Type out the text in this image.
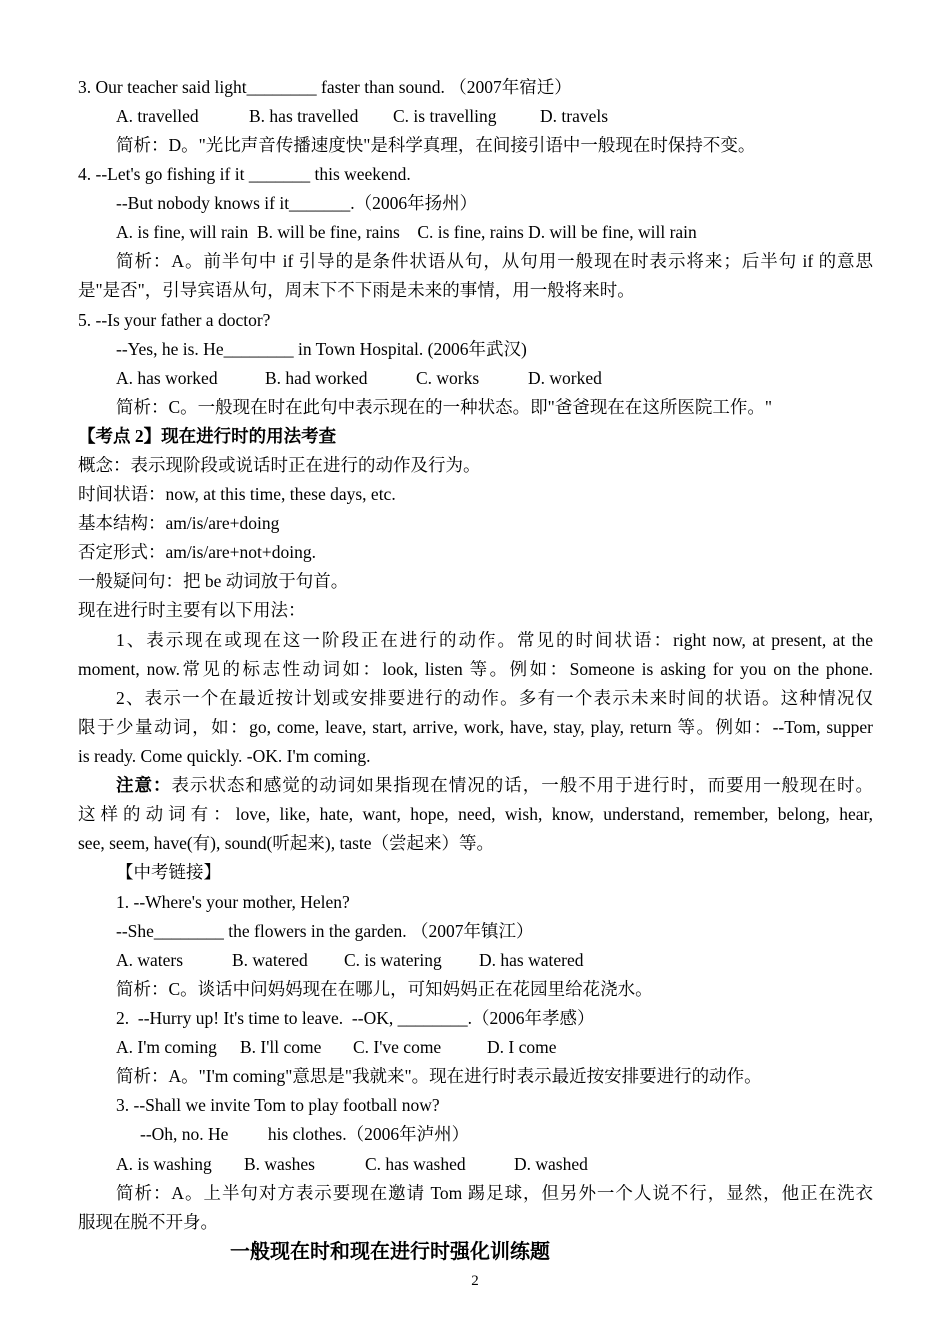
3. Our teacher said light________ faster than sound. （2007年宿迁）
A. travelled	B. has travelled C. is travelling D. travels
简析：D。"光比声音传播速度快"是科学真理，在间接引语中一般现在时保持不变。
4. --Let's go fishing if it _______ this weekend.
--But nobody knows if it_______.（2006年扬州）
A. is fine, will rain  B. will be fine, rains    C. is fine, rains D. will be fine, will rain
简析：A。前半句中 if 引导的是条件状语从句，从句用一般现在时表示将来；后半句 if 的意思
是"是否"，引导宾语从句，周末下不下雨是未来的事情，用一般将来时。
5. --Is your father a doctor?
--Yes, he is. He________ in Town Hospital. (2006年武汉)
A. has worked	B. had worked	C. works	D. worked
简析：C。一般现在时在此句中表示现在的一种状态。即"爸爸现在在这所医院工作。"
【考点 2】现在进行时的用法考查
概念：表示现阶段或说话时正在进行的动作及行为。
时间状语：now, at this time, these days, etc.
基本结构：am/is/are+doing
否定形式：am/is/are+not+doing.
一般疑问句：把 be 动词放于句首。
现在进行时主要有以下用法：
1、表示现在或现在这一阶段正在进行的动作。常见的时间状语：right now, at present, at the
moment, now.常见的标志性动词如：look, listen 等。例如：Someone is asking for you on the phone.
2、表示一个在最近按计划或安排要进行的动作。多有一个表示未来时间的状语。这种情况仅
限于少量动词，如：go, come, leave, start, arrive, work, have, stay, play, return 等。例如：--Tom, supper
is ready. Come quickly. -OK. I'm coming.
注意：表示状态和感觉的动词如果指现在情况的话，一般不用于进行时，而要用一般现在时。
这样的动词有：love, like, hate, want, hope, need, wish, know, understand, remember, belong, hear,
see, seem, have(有), sound(听起来), taste（尝起来）等。
【中考链接】
1. --Where's your mother, Helen?
--She________ the flowers in the garden. （2007年镇江）
A. waters	B. watered C. is watering D. has watered
简析：C。谈话中问妈妈现在在哪儿，可知妈妈正在花园里给花浇水。
2.  --Hurry up! It's time to leave.  --OK, ________.（2006年孝感）
A. I'm coming B. I'll come C. I've come	D. I come
简析：A。"I'm coming"意思是"我就来"。现在进行时表示最近按安排要进行的动作。
3. --Shall we invite Tom to play football now?
--Oh, no. He         his clothes.（2006年泸州）
A. is washing B. washes	C. has washed	D. washed
简析：A。上半句对方表示要现在邀请 Tom 踢足球，但另外一个人说不行，显然，他正在洗衣
服现在脱不开身。
一般现在时和现在进行时强化训练题
2
